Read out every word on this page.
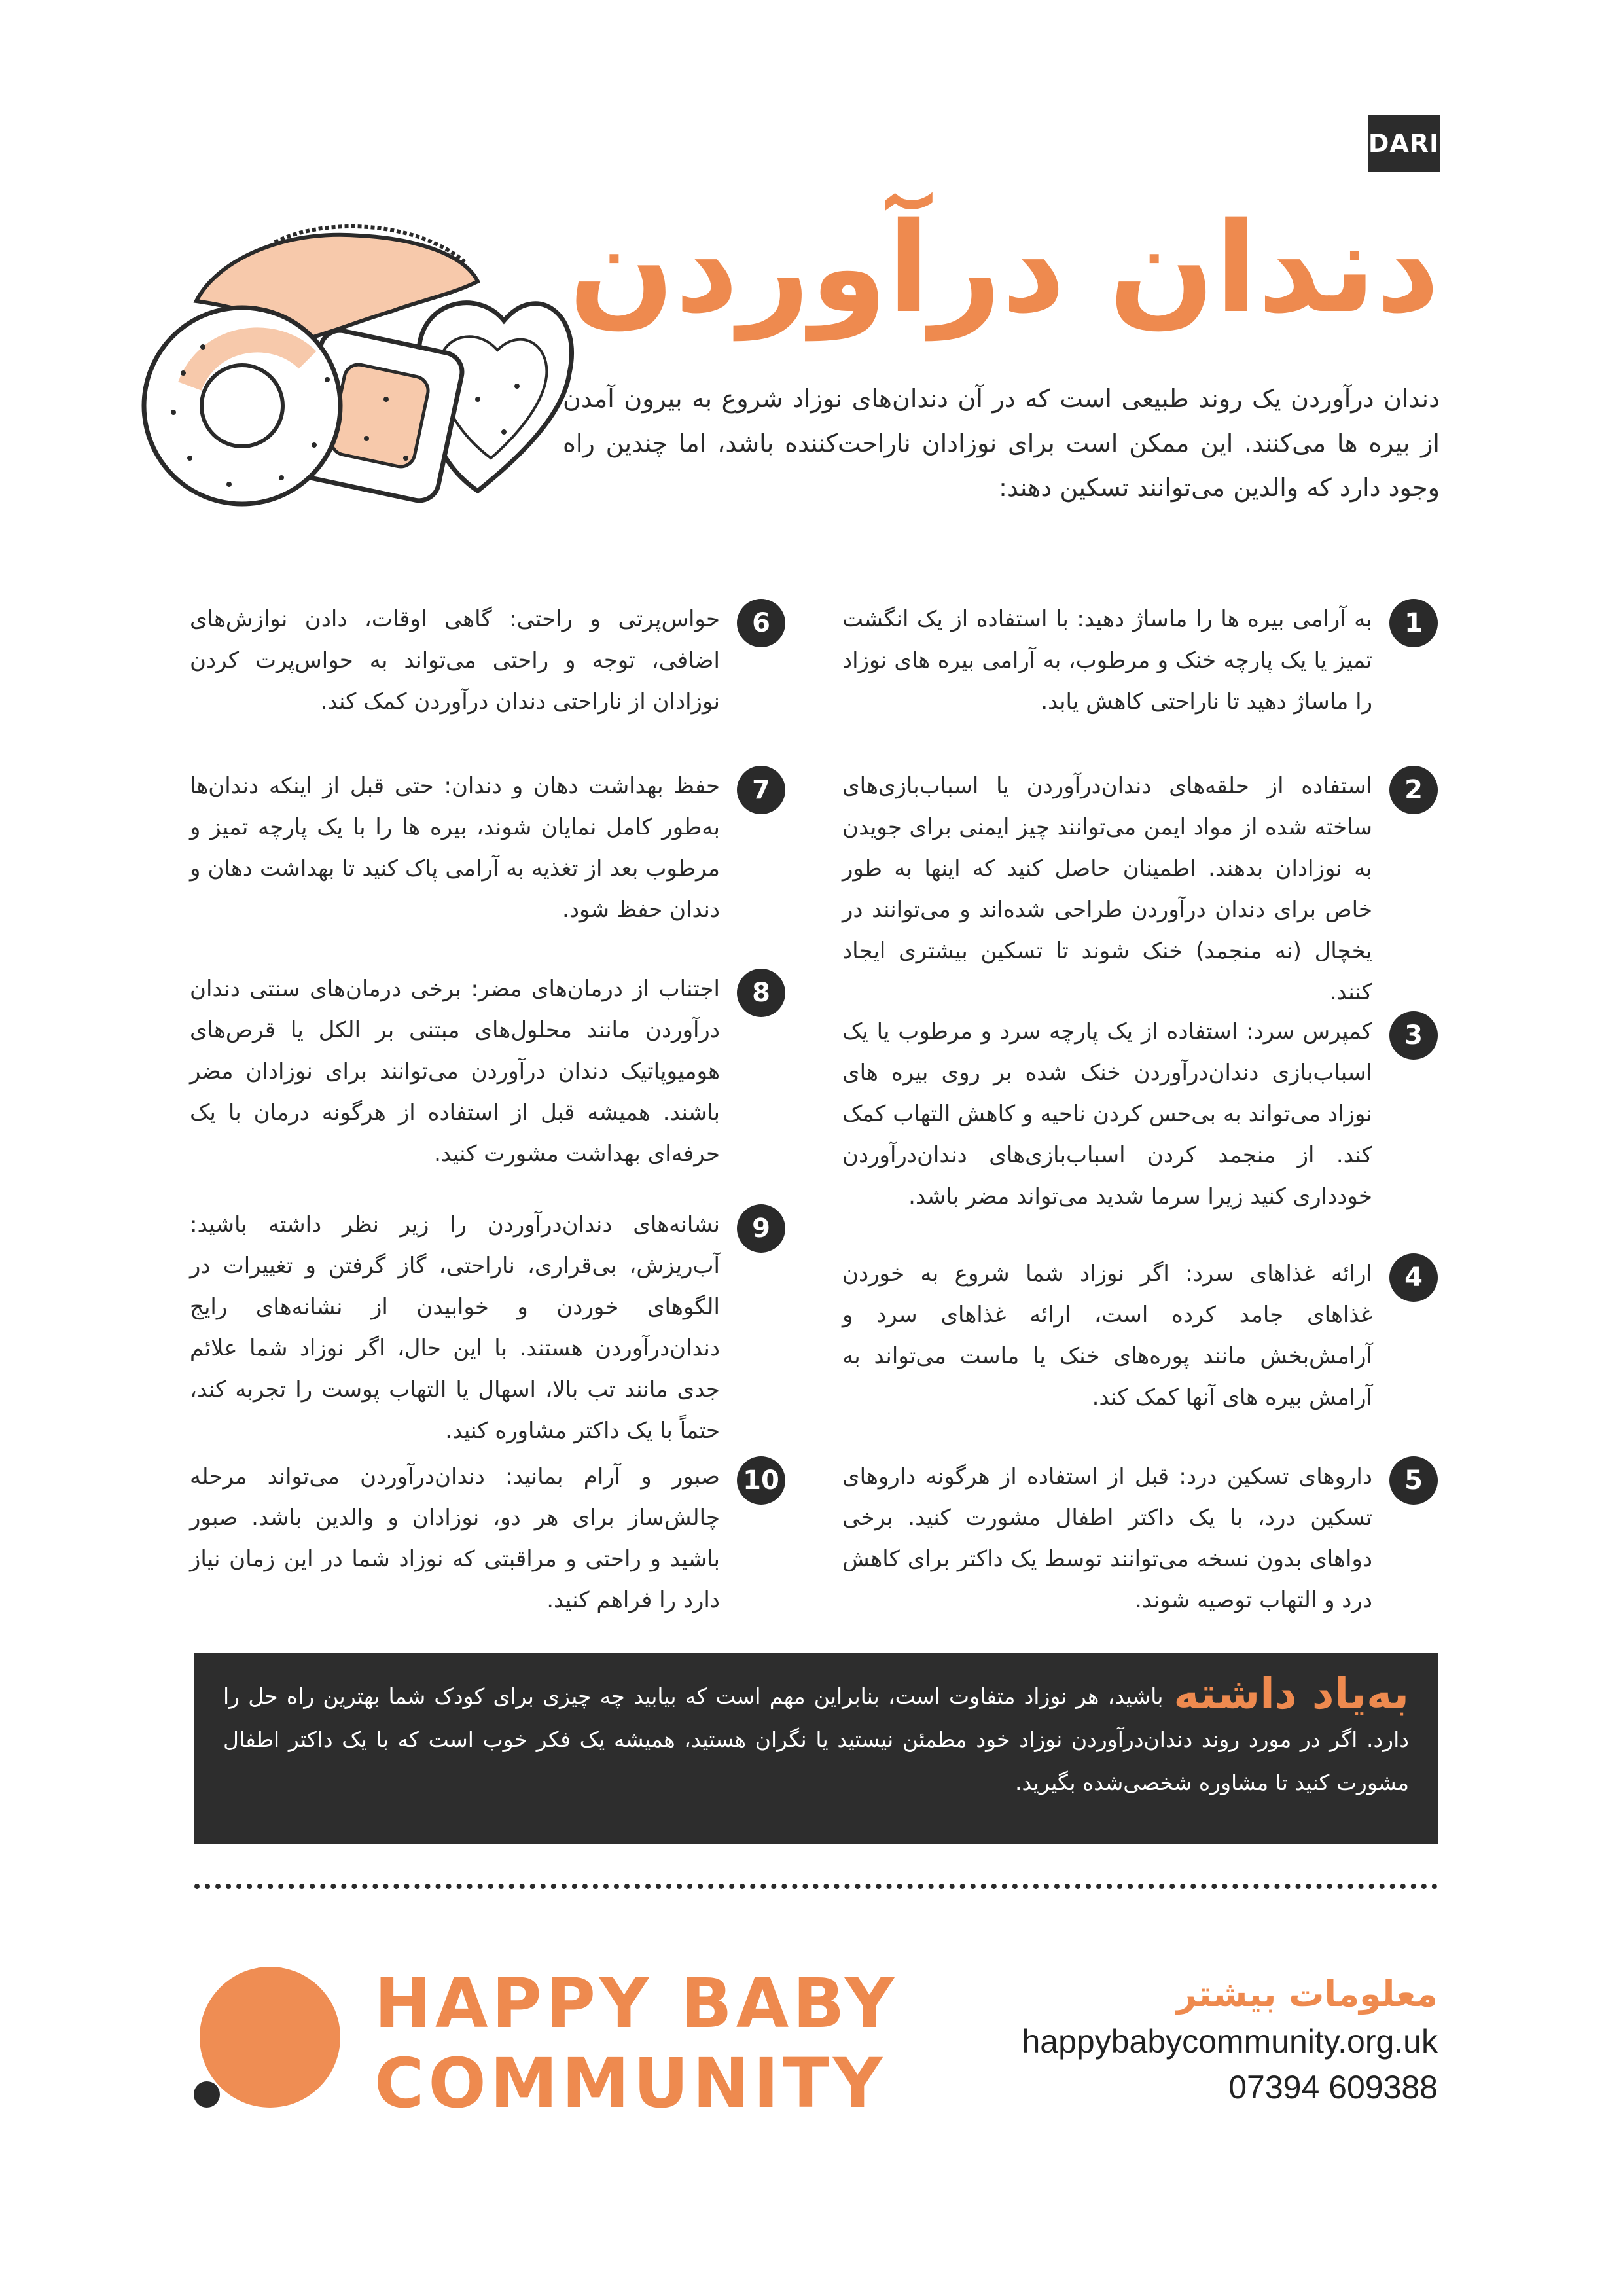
DARI
دندان درآوردن
دندان درآوردن یک روند طبیعی است که در آن دندان‌های نوزاد شروع به بیرون آمدن از بیره ها می‌کنند. این ممکن است برای نوزادان ناراحت‌کننده باشد، اما چندین راه وجود دارد که والدین می‌توانند تسکین دهند:
1
به آرامی بیره ها را ماساژ دهید: با استفاده از یک انگشت تمیز یا یک پارچه خنک و مرطوب، به آرامی بیره های نوزاد را ماساژ دهید تا ناراحتی کاهش یابد.
2
استفاده از حلقه‌های دندان‌درآوردن یا اسباب‌بازی‌های ساخته شده از مواد ایمن می‌توانند چیز ایمنی برای جویدن به نوزادان بدهند. اطمینان حاصل کنید که اینها به طور خاص برای دندان درآوردن طراحی شده‌اند و می‌توانند در یخچال (نه منجمد) خنک شوند تا تسکین بیشتری ایجاد کنند.
3
کمپرس سرد: استفاده از یک پارچه سرد و مرطوب یا یک اسباب‌بازی دندان‌درآوردن خنک شده بر روی بیره های نوزاد می‌تواند به بی‌حس کردن ناحیه و کاهش التهاب کمک کند. از منجمد کردن اسباب‌بازی‌های دندان‌درآوردن خودداری کنید زیرا سرما شدید می‌تواند مضر باشد.
4
ارائه غذاهای سرد: اگر نوزاد شما شروع به خوردن غذاهای جامد کرده است، ارائه غذاهای سرد و آرامش‌بخش مانند پوره‌های خنک یا ماست می‌تواند به آرامش بیره های آنها کمک کند.
5
داروهای تسکین درد: قبل از استفاده از هرگونه داروهای تسکین درد، با یک داکتر اطفال مشورت کنید. برخی دواهای بدون نسخه می‌توانند توسط یک داکتر برای کاهش درد و التهاب توصیه شوند.
6
حواس‌پرتی و راحتی: گاهی اوقات، دادن نوازش‌های اضافی، توجه و راحتی می‌تواند به حواس‌پرت کردن نوزادان از ناراحتی دندان درآوردن کمک کند.
7
حفظ بهداشت دهان و دندان: حتی قبل از اینکه دندان‌ها به‌طور کامل نمایان شوند، بیره ها را با یک پارچه تمیز و مرطوب بعد از تغذیه به آرامی پاک کنید تا بهداشت دهان و دندان حفظ شود.
8
اجتناب از درمان‌های مضر: برخی درمان‌های سنتی دندان درآوردن مانند محلول‌های مبتنی بر الکل یا قرص‌های هومیوپاتیک دندان درآوردن می‌توانند برای نوزادان مضر باشند. همیشه قبل از استفاده از هرگونه درمان با یک حرفه‌ای بهداشت مشورت کنید.
9
نشانه‌های دندان‌درآوردن را زیر نظر داشته باشید: آب‌ریزش، بی‌قراری، ناراحتی، گاز گرفتن و تغییرات در الگوهای خوردن و خوابیدن از نشانه‌های رایج دندان‌درآوردن هستند. با این حال، اگر نوزاد شما علائم جدی مانند تب بالا، اسهال یا التهاب پوست را تجربه کند، حتماً با یک داکتر مشاوره کنید.
10
صبور و آرام بمانید: دندان‌درآوردن می‌تواند مرحله چالش‌ساز برای هر دو، نوزادان و والدین باشد. صبور باشید و راحتی و مراقبتی که نوزاد شما در این زمان نیاز دارد را فراهم کنید.
به‌یاد داشته
باشید، هر نوزاد متفاوت است، بنابراین مهم است که بیابید چه چیزی برای کودک شما بهترین راه حل را دارد. اگر در مورد روند دندان‌درآوردن نوزاد خود مطمئن نیستید یا نگران هستید، همیشه یک فکر خوب است که با یک داکتر اطفال مشورت کنید تا مشاوره شخصی‌شده بگیرید.
HAPPY BABY
COMMUNITY
معلومات بیشتر
happybabycommunity.org.uk
07394 609388
